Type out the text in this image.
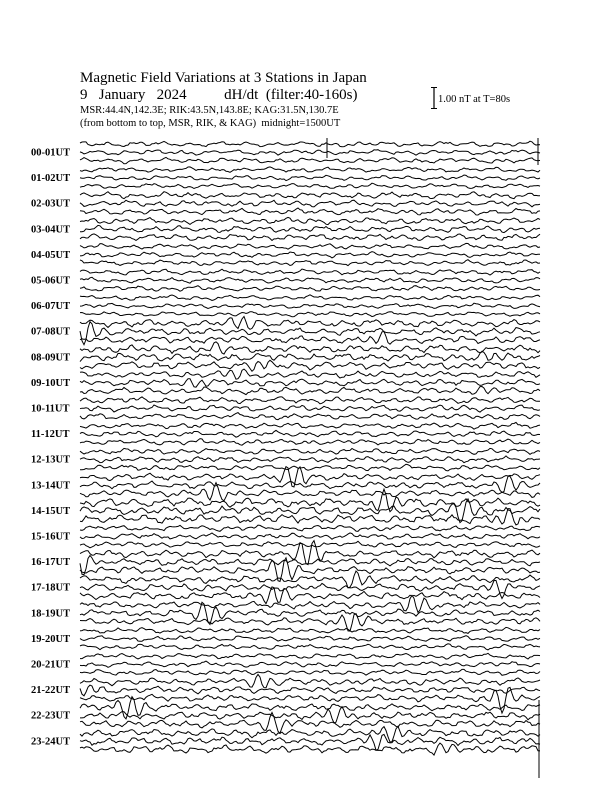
Magnetic Field Variations at 3 Stations in Japan
9 January 2024	dH/dt (filter:40-160s)
MSR:44.4N,142.3E; RIK:43.5N,143.8E; KAG:31.5N,130.7E
(from bottom to top, MSR, RIK, & KAG) midnight=1500UT
1.00 nT at T=80s
00-01UT
01-02UT
02-03UT
03-04UT
04-05UT
05-06UT
06-07UT
07-08UT
08-09UT
09-10UT
10-11UT
11-12UT
12-13UT
13-14UT
14-15UT
15-16UT
16-17UT
17-18UT
18-19UT
19-20UT
20-21UT
21-22UT
22-23UT
23-24UT
